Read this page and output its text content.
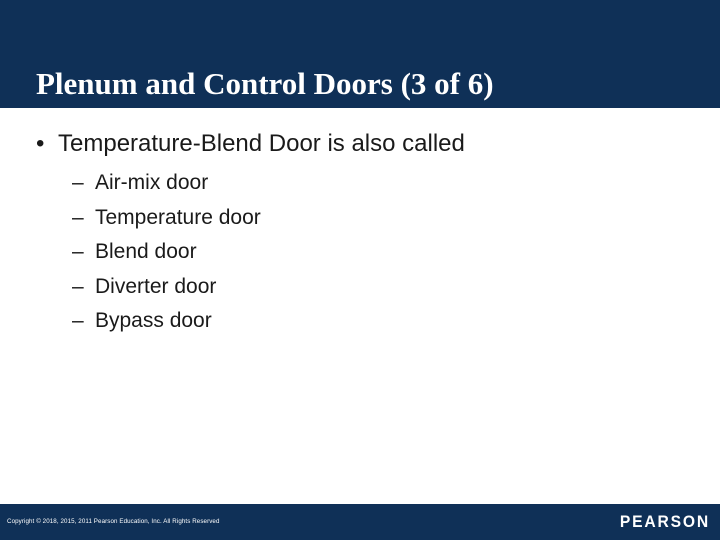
Plenum and Control Doors (3 of 6)
• Temperature-Blend Door is also called
– Air-mix door
– Temperature door
– Blend door
– Diverter door
– Bypass door
Copyright © 2018, 2015, 2011 Pearson Education, Inc. All Rights Reserved	PEARSON
